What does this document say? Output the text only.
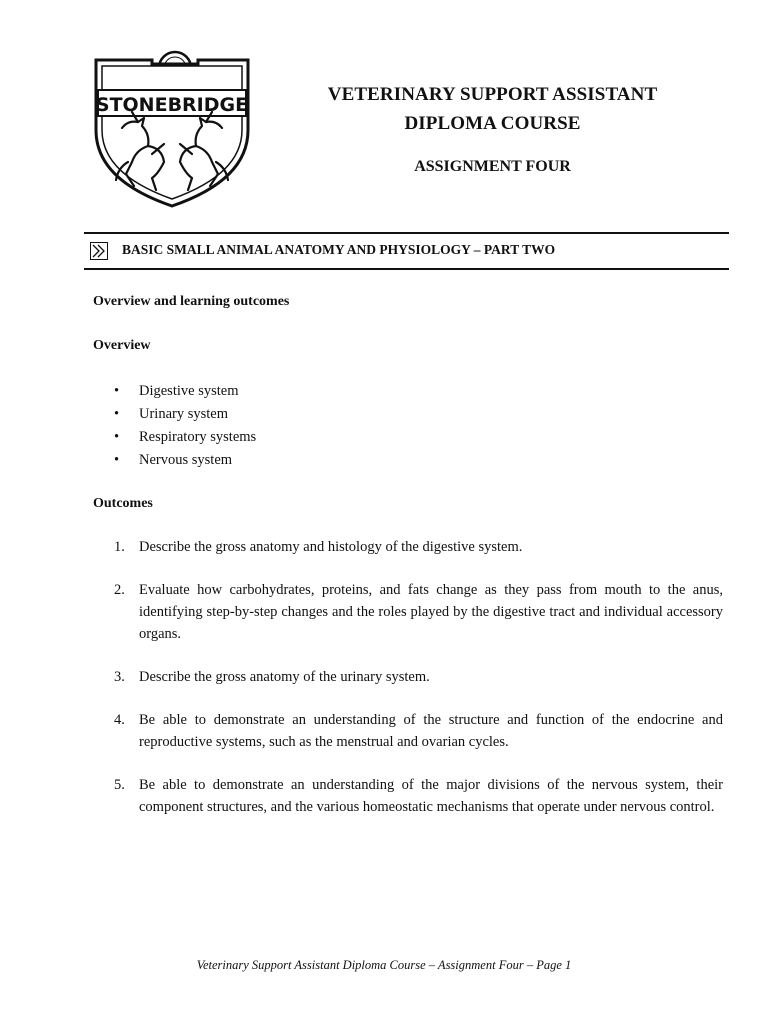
STONEBRIDGE	VETERINARY SUPPORT ASSISTANT
DIPLOMA COURSE
ASSIGNMENT FOUR
BASIC SMALL ANIMAL ANATOMY AND PHYSIOLOGY – PART TWO
Overview and learning outcomes
Overview
• Digestive system
• Urinary system
• Respiratory systems
• Nervous system
Outcomes
1. Describe the gross anatomy and histology of the digestive system.
2. Evaluate how carbohydrates, proteins, and fats change as they pass from mouth to the anus, identifying step-by-step changes and the roles played by the digestive tract and individual accessory organs.
3. Describe the gross anatomy of the urinary system.
4. Be able to demonstrate an understanding of the structure and function of the endocrine and reproductive systems, such as the menstrual and ovarian cycles.
5. Be able to demonstrate an understanding of the major divisions of the nervous system, their component structures, and the various homeostatic mechanisms that operate under nervous control.
Veterinary Support Assistant Diploma Course – Assignment Four – Page 1
